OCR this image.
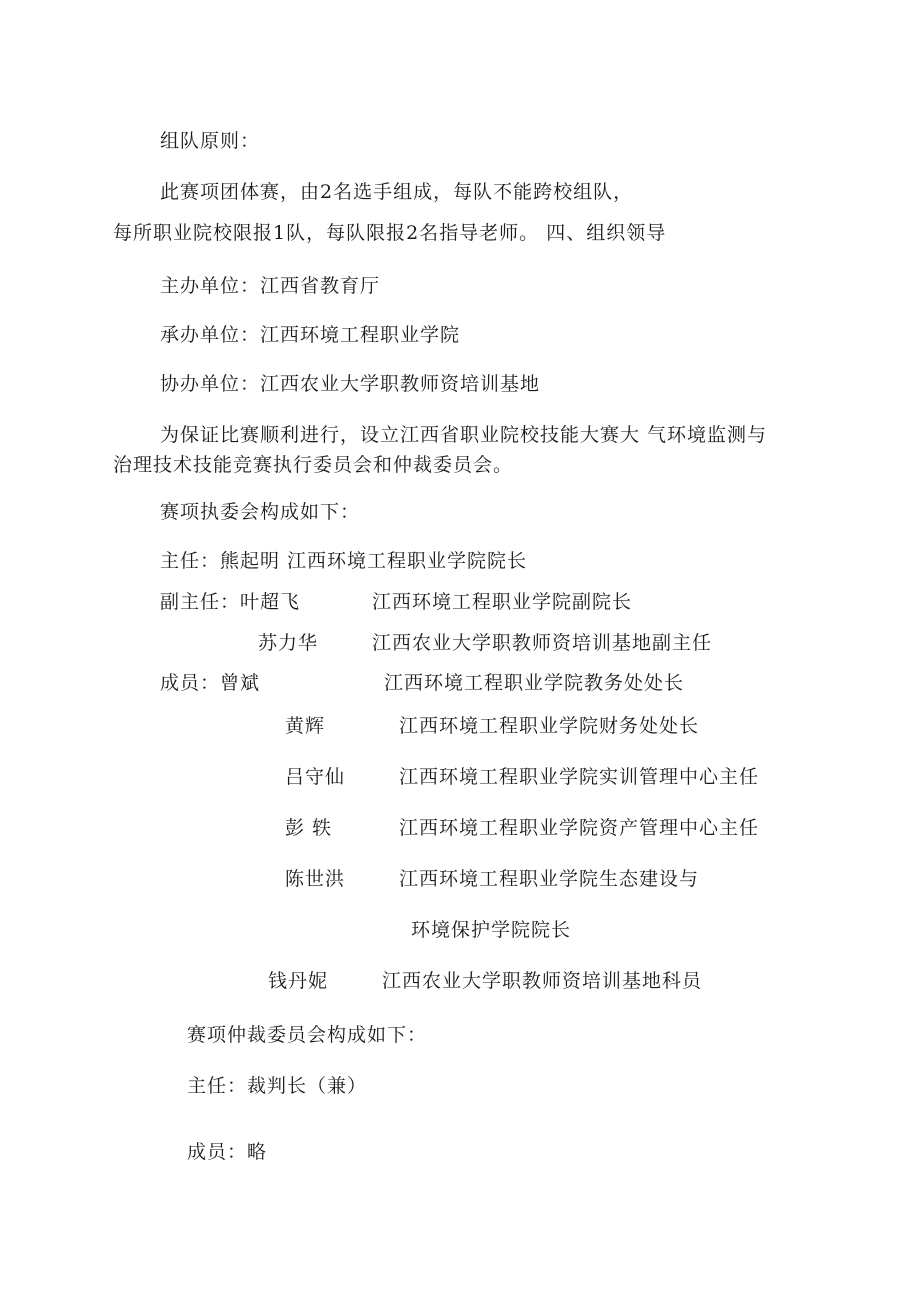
组队原则：
此赛项团体赛，由2名选手组成，每队不能跨校组队，
每所职业院校限报1队，每队限报2名指导老师。 四、组织领导
主办单位：江西省教育厅
承办单位：江西环境工程职业学院
协办单位：江西农业大学职教师资培训基地
为保证比赛顺利进行，设立江西省职业院校技能大赛大 气环境监测与
治理技术技能竞赛执行委员会和仲裁委员会。
赛项执委会构成如下：
主任：熊起明 江西环境工程职业学院院长
副主任：叶超飞	江西环境工程职业学院副院长
苏力华	江西农业大学职教师资培训基地副主任
成员：曾斌	江西环境工程职业学院教务处处长
黄辉	江西环境工程职业学院财务处处长
吕守仙	江西环境工程职业学院实训管理中心主任
彭 轶	江西环境工程职业学院资产管理中心主任
陈世洪	江西环境工程职业学院生态建设与
环境保护学院院长
钱丹妮	江西农业大学职教师资培训基地科员
赛项仲裁委员会构成如下：
主任：裁判长（兼）
成员：略
